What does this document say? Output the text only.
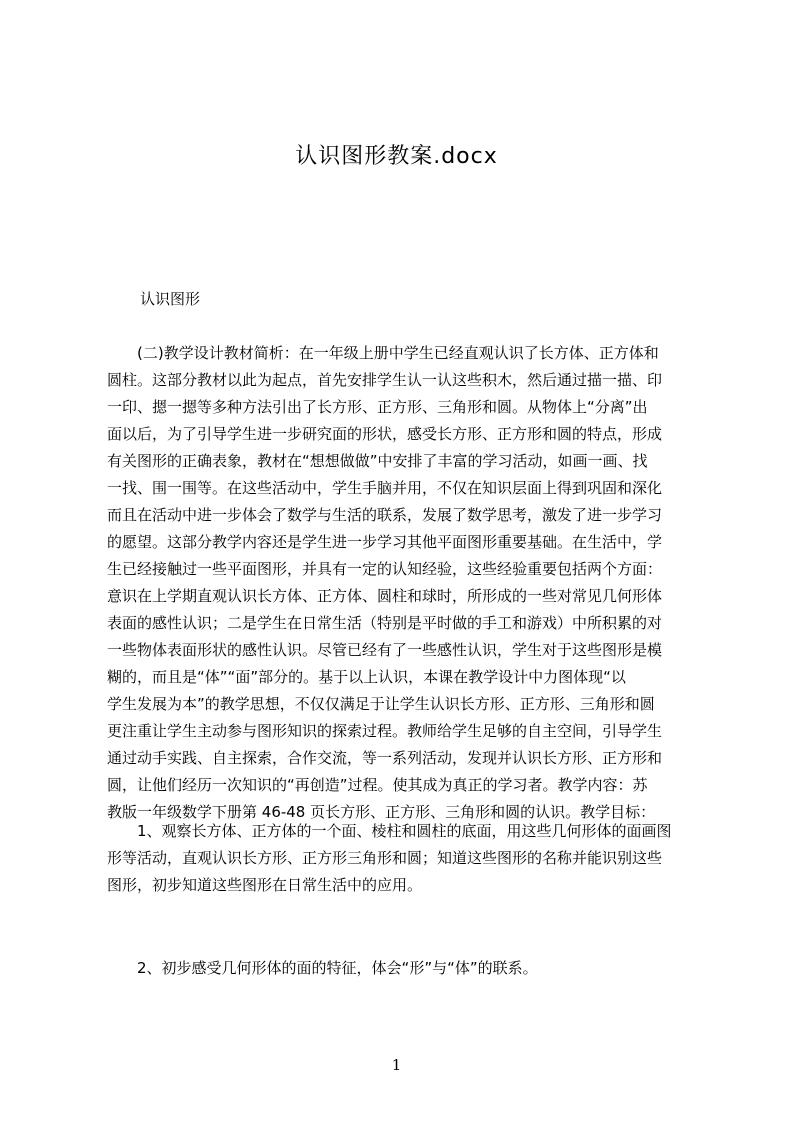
认识图形教案.docx

认识图形

(二)教学设计教材简析：在一年级上册中学生已经直观认识了长方体、正方体和
圆柱。这部分教材以此为起点，首先安排学生认一认这些积木，然后通过描一描、印
一印、摁一摁等多种方法引出了长方形、正方形、三角形和圆。从物体上“分离”出
面以后，为了引导学生进一步研究面的形状，感受长方形、正方形和圆的特点，形成
有关图形的正确表象，教材在“想想做做”中安排了丰富的学习活动，如画一画、找
一找、围一围等。在这些活动中，学生手脑并用，不仅在知识层面上得到巩固和深化
而且在活动中进一步体会了数学与生活的联系，发展了数学思考，激发了进一步学习
的愿望。这部分教学内容还是学生进一步学习其他平面图形重要基础。在生活中，学
生已经接触过一些平面图形，并具有一定的认知经验，这些经验重要包括两个方面：
意识在上学期直观认识长方体、正方体、圆柱和球时，所形成的一些对常见几何形体
表面的感性认识；二是学生在日常生活（特别是平时做的手工和游戏）中所积累的对
一些物体表面形状的感性认识。尽管已经有了一些感性认识，学生对于这些图形是模
糊的，而且是“体”“面”部分的。基于以上认识，本课在教学设计中力图体现“以
学生发展为本”的教学思想，不仅仅满足于让学生认识长方形、正方形、三角形和圆
更注重让学生主动参与图形知识的探索过程。教师给学生足够的自主空间，引导学生
通过动手实践、自主探索，合作交流，等一系列活动，发现并认识长方形、正方形和
圆，让他们经历一次知识的“再创造”过程。使其成为真正的学习者。教学内容：苏
教版一年级数学下册第 46-48 页长方形、正方形、三角形和圆的认识。教学目标：
1、观察长方体、正方体的一个面、棱柱和圆柱的底面，用这些几何形体的面画图
形等活动，直观认识长方形、正方形三角形和圆；知道这些图形的名称并能识别这些
图形，初步知道这些图形在日常生活中的应用。
2、初步感受几何形体的面的特征，体会“形”与“体”的联系。

1
